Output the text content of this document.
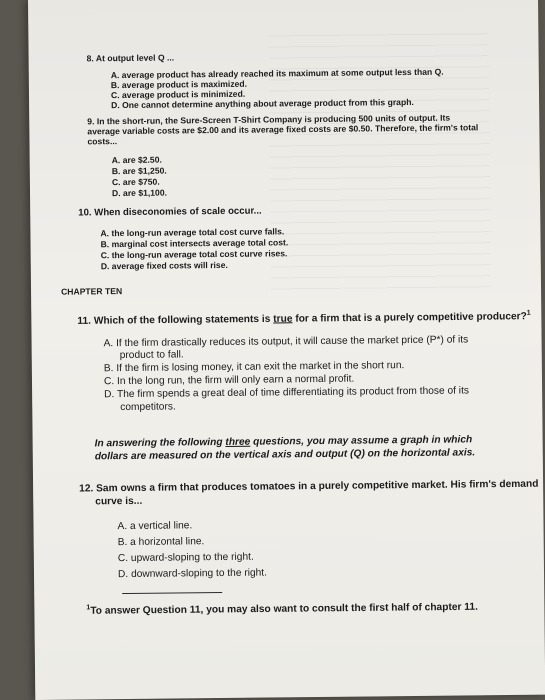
8. At output level Q ...
A. average product has already reached its maximum at some output less than Q.
B. average product is maximized.
C. average product is minimized.
D. One cannot determine anything about average product from this graph.
9. In the short-run, the Sure-Screen T-Shirt Company is producing 500 units of output. Its
average variable costs are $2.00 and its average fixed costs are $0.50. Therefore, the firm's total
costs...
A. are $2.50.
B. are $1,250.
C. are $750.
D. are $1,100.
10. When diseconomies of scale occur...
A. the long-run average total cost curve falls.
B. marginal cost intersects average total cost.
C. the long-run average total cost curve rises.
D. average fixed costs will rise.
CHAPTER TEN
11. Which of the following statements is true for a firm that is a purely competitive producer?$^1$
A. If the firm drastically reduces its output, it will cause the market price (P*) of its
product to fall.
B. If the firm is losing money, it can exit the market in the short run.
C. In the long run, the firm will only earn a normal profit.
D. The firm spends a great deal of time differentiating its product from those of its
competitors.
In answering the following three questions, you may assume a graph in which
dollars are measured on the vertical axis and output (Q) on the horizontal axis.
12. Sam owns a firm that produces tomatoes in a purely competitive market. His firm's demand
curve is...
A. a vertical line.
B. a horizontal line.
C. upward-sloping to the right.
D. downward-sloping to the right.
$^1$To answer Question 11, you may also want to consult the first half of chapter 11.
